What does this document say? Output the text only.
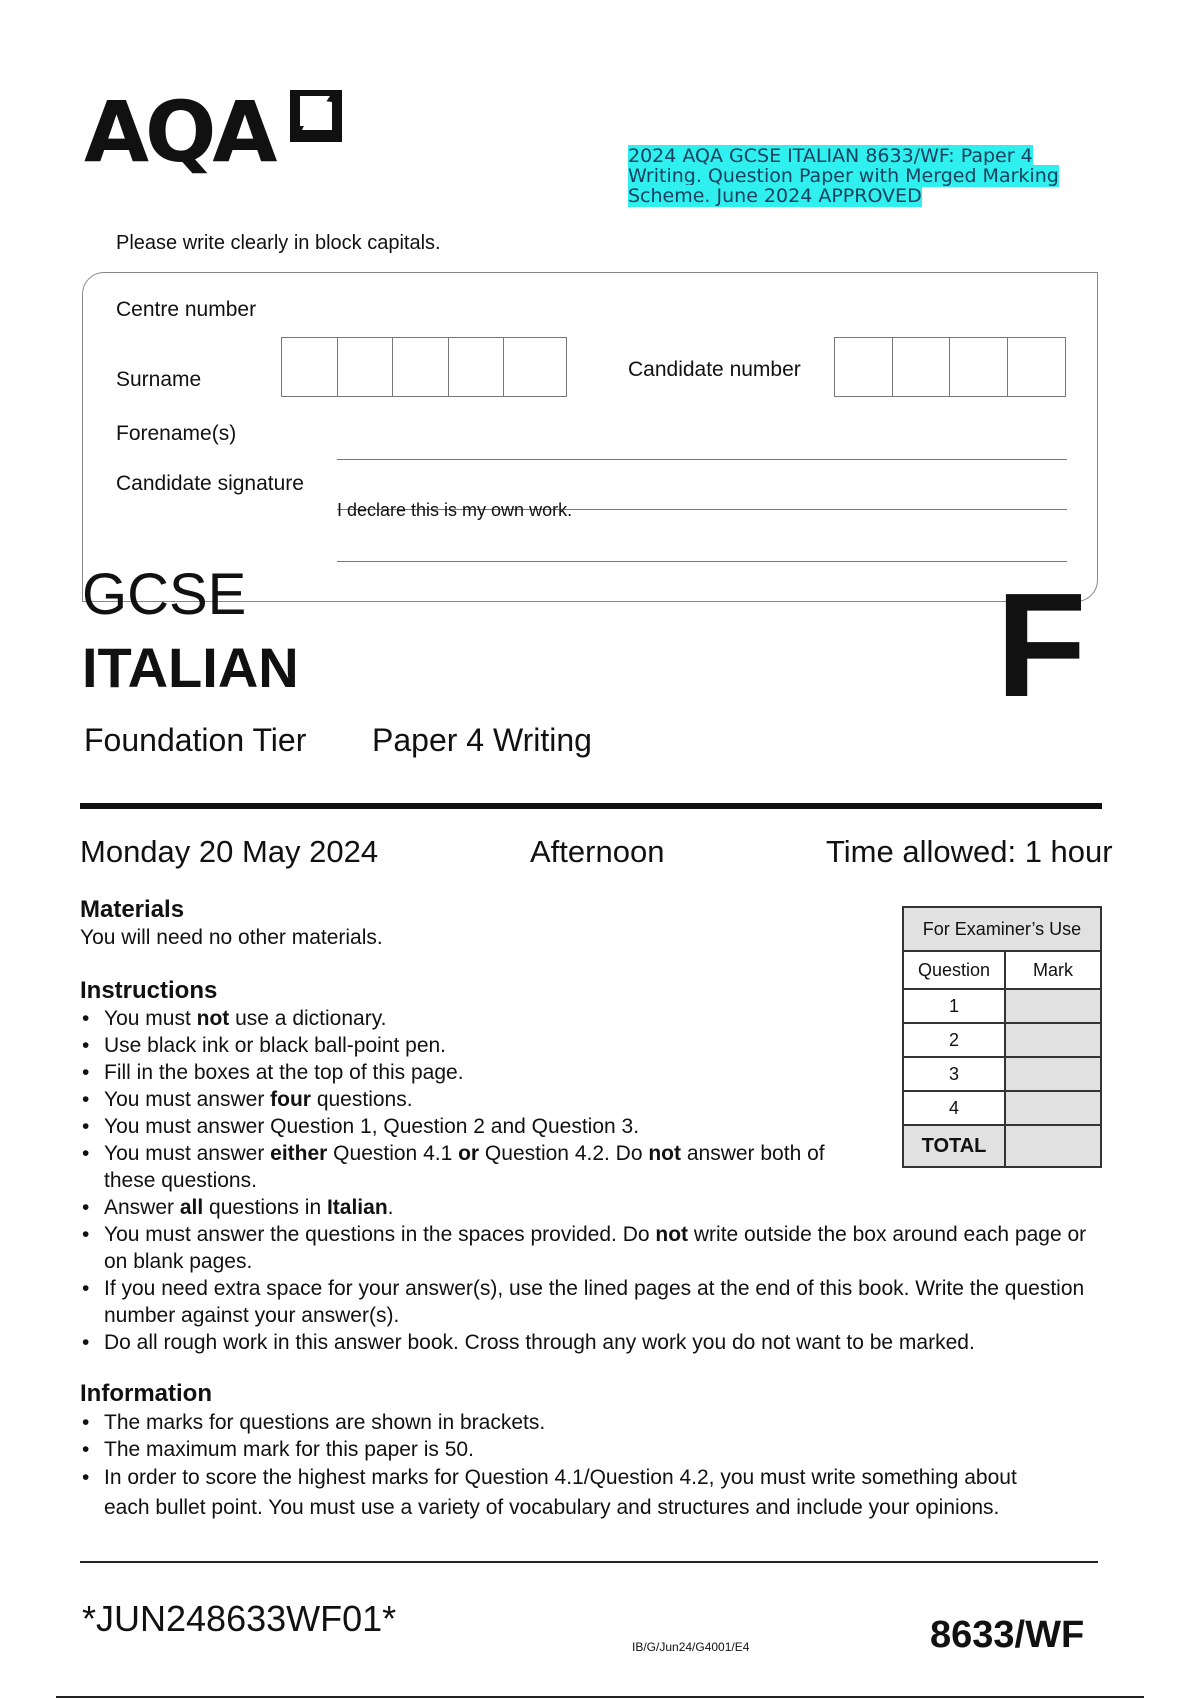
AQA	2024 AQA GCSE ITALIAN 8633/WF: Paper 4 Writing. Question Paper with Merged Marking Scheme. June 2024 APPROVED
Please write clearly in block capitals.
Centre number
Surname	Candidate number
Forename(s)
Candidate signature
I declare this is my own work.
GCSE
ITALIAN	F
Foundation Tier Paper 4 Writing
Monday 20 May 2024	Afternoon	Time allowed: 1 hour
Materials
You will need no other materials.
Instructions
• You must not use a dictionary.
• Use black ink or black ball-point pen.
• Fill in the boxes at the top of this page.
• You must answer four questions.
• You must answer Question 1, Question 2 and Question 3.
• You must answer either Question 4.1 or Question 4.2. Do not answer both of these questions.
• Answer all questions in Italian.
• You must answer the questions in the spaces provided. Do not write outside the box around each page or on blank pages.
• If you need extra space for your answer(s), use the lined pages at the end of this book. Write the question number against your answer(s).
• Do all rough work in this answer book. Cross through any work you do not want to be marked.
Information
• The marks for questions are shown in brackets.
• The maximum mark for this paper is 50.
• In order to score the highest marks for Question 4.1/Question 4.2, you must write something about each bullet point. You must use a variety of vocabulary and structures and include your opinions.
For Examiner’s Use	
Question	Mark
1	
2	
3	
4	
TOTAL	
*JUN248633WF01*
IB/G/Jun24/G4001/E4	8633/WF
